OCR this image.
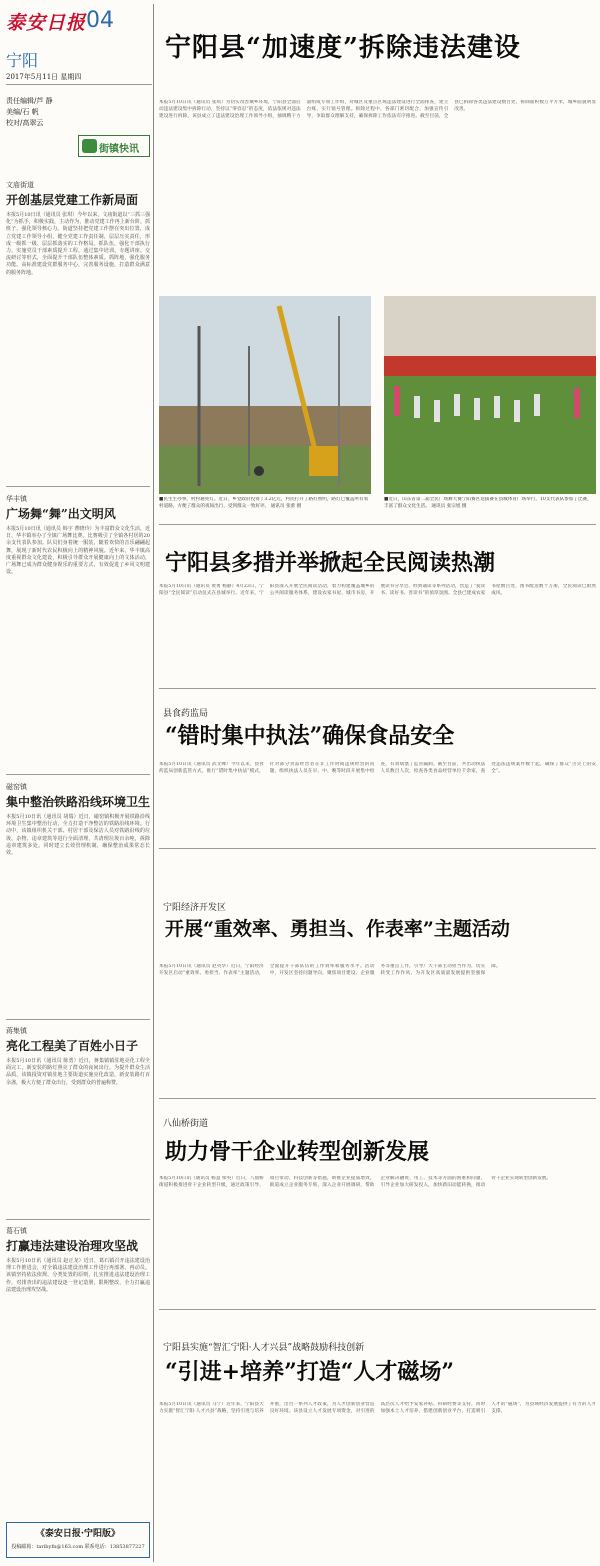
泰安日报 04
宁阳
2017年5月11日 星期四
责任编辑/芦 静
美编/石 帆
校对/高翠云
街镇快讯
文庙街道
开创基层党建工作新局面
本报5月10日讯（通讯员 张琪）今年以来，文庙街道以“三抓三强化”为抓手，积极实践，主动作为，推动党建工作再上新台阶。抓班子，强化领导核心力。街道坚持把党建工作摆在突出位置，成立党建工作领导小组，健全党建工作责任制，层层压实责任，形成一级抓一级、层层抓落实的工作格局。抓队伍，强化干部执行力。实施党员干部素质提升工程，通过集中培训、专题讲座、交流研讨等形式，全面提升干部队伍整体素质。抓阵地，强化服务功能。高标准建设党群服务中心，完善服务设施，打造群众满意的服务阵地。
华丰镇
广场舞“舞”出文明风
本报5月10日讯（通讯员 韩宇 曹晓玲）为丰富群众文化生活，近日，华丰镇举办了全镇广场舞比赛。比赛吸引了全镇各村居的20余支代表队参加。队员们身着统一服装，随着欢快的音乐翩翩起舞，展现了新时代农民积极向上的精神风貌。近年来，华丰镇高度重视群众文化建设，积极引导群众开展健康向上的文体活动，广场舞已成为群众健身娱乐的重要方式，有效促进了乡风文明建设。
磁窑镇
集中整治铁路沿线环境卫生
本报5月10日讯（通讯员 胡瑞）近日，磁窑镇积极开展铁路沿线环境卫生集中整治行动，全力打造干净整洁的铁路沿线环境。行动中，该镇组织机关干部、村居干部及保洁人员对铁路沿线的垃圾、杂物、违章建筑等进行全面清理，共清理垃圾百余吨，拆除违章建筑多处。同时建立长效管理机制，确保整治成果常态长效。
蒋集镇
亮化工程美了百姓小日子
本报5月10日讯（通讯员 陈勇）近日，蒋集镇镇驻地亮化工程全面完工，新安装的路灯照亮了群众的夜间出行。为提升群众生活品质，该镇投资对镇驻地主要街道实施亮化改造，新安装路灯百余盏，极大方便了群众出行，受到群众的普遍称赞。
葛石镇
打赢违法建设治理攻坚战
本报5月10日讯（通讯员 赵正龙）近日，葛石镇召开违法建设治理工作推进会，对全镇违法建设治理工作进行再部署、再动员。该镇坚持依法依规、分类处置的原则，扎实推进违法建设治理工作，对排查出的违法建设逐一登记造册，限期整改，全力打赢违法建设治理攻坚战。
《泰安日报·宁阳版》
投稿邮箱：taribyfn@163.com 联系电话：13853877227
宁阳县“加速度”拆除违法建设
本报5月10日讯（通讯员 张琪）为切实改善城乡环境，宁阳县全面启动违法建设集中拆除行动，坚持以“零容忍”的态度，依法依规对违法建设进行拆除。该县成立了违法建设治理工作领导小组，抽调精干力量组成专项工作组，对城区及重点区域违法建设进行全面排查，建立台账，实行销号管理。拆除过程中，各部门密切配合，加强宣传引导，争取群众理解支持，确保拆除工作依法有序推进。截至目前，全县已拆除各类违法建设数百处，拆除面积数万平方米，城乡面貌明显改善。
■民生生办事，村村通亮灯。近日，乡党政府投资了3.2亿元，村民打开了路灯照明，路灯已覆盖所有农村道路，方便了群众的夜间出行，受到群众一致好评。 通讯员 张蕾 摄
■近日，山东省第二届全民广场舞大赛宁阳赛区选拔赛在县城体育广场举行，10支代表队参加了比赛，丰富了群众文化生活。 通讯员 张宗旭 摄
宁阳县多措并举掀起全民阅读热潮
本报5月10日讯（通讯员 黄勇 杨静）4月23日，宁阳县“全民阅读”启动仪式在县城举行。近年来，宁阳县深入开展全民阅读活动，着力构建覆盖城乡的公共阅读服务体系，建设农家书屋、城市书房，开展读书分享会、经典诵读等系列活动，营造了“爱读书、读好书、善读书”的浓厚氛围。全县已建成农家书屋数百处，图书配送数十万册，全民阅读已蔚然成风。
县食药监局
“错时集中执法”确保食品安全
本报5月10日讯（通讯员 武文峰）今年以来，县食药监局创新监管方式，推行“错时集中执法”模式，针对部分食品经营者在非工作时间违规经营的问题，组织执法人员在早、中、晚等时段开展集中检查，有效堵塞了监管漏洞。截至目前，共出动执法人员数百人次，检查各类食品经营单位千余家，查处违法违规案件数十起，确保了群众“舌尖上的安全”。
宁阳经济开发区
开展“重效率、勇担当、作表率”主题活动
本报5月10日讯（通讯员 赵英华）近日，宁阳经济开发区启动“重效率、勇担当、作表率”主题活动，全面提升干部队伍的工作效率和服务水平。活动中，开发区坚持问题导向，聚焦项目建设、企业服务等重点工作，引导广大干部主动担当作为，切实转变工作作风，为开发区高质量发展提供坚强保障。
八仙桥街道
助力骨干企业转型创新发展
本报5月10日讯（通讯员 杨慧 柴英）近日，八仙桥街道积极推进骨干企业转型升级，通过政策引导、项目带动、科技创新等措施，助推企业提质增效。街道成立企业服务专班，深入企业开展调研，帮助企业解决融资、用工、技术等方面的困难和问题，引导企业加大研发投入，加快新旧动能转换，推动骨干企业实现转型创新发展。
宁阳县实施“智汇宁阳·人才兴县”战略鼓励科技创新
“引进+培养”打造“人才磁场”
本报5月10日讯（通讯员 马宁）近年来，宁阳县大力实施“智汇宁阳·人才兴县”战略，坚持引进与培养并重，出台一系列人才政策，为人才创新创业营造良好环境。该县设立人才发展专项资金，对引进的高层次人才给予安家补贴、科研经费等支持，同时加强本土人才培养，搭建创新创业平台，打造吸引人才的“磁场”，为县域经济发展提供了有力的人才支撑。
